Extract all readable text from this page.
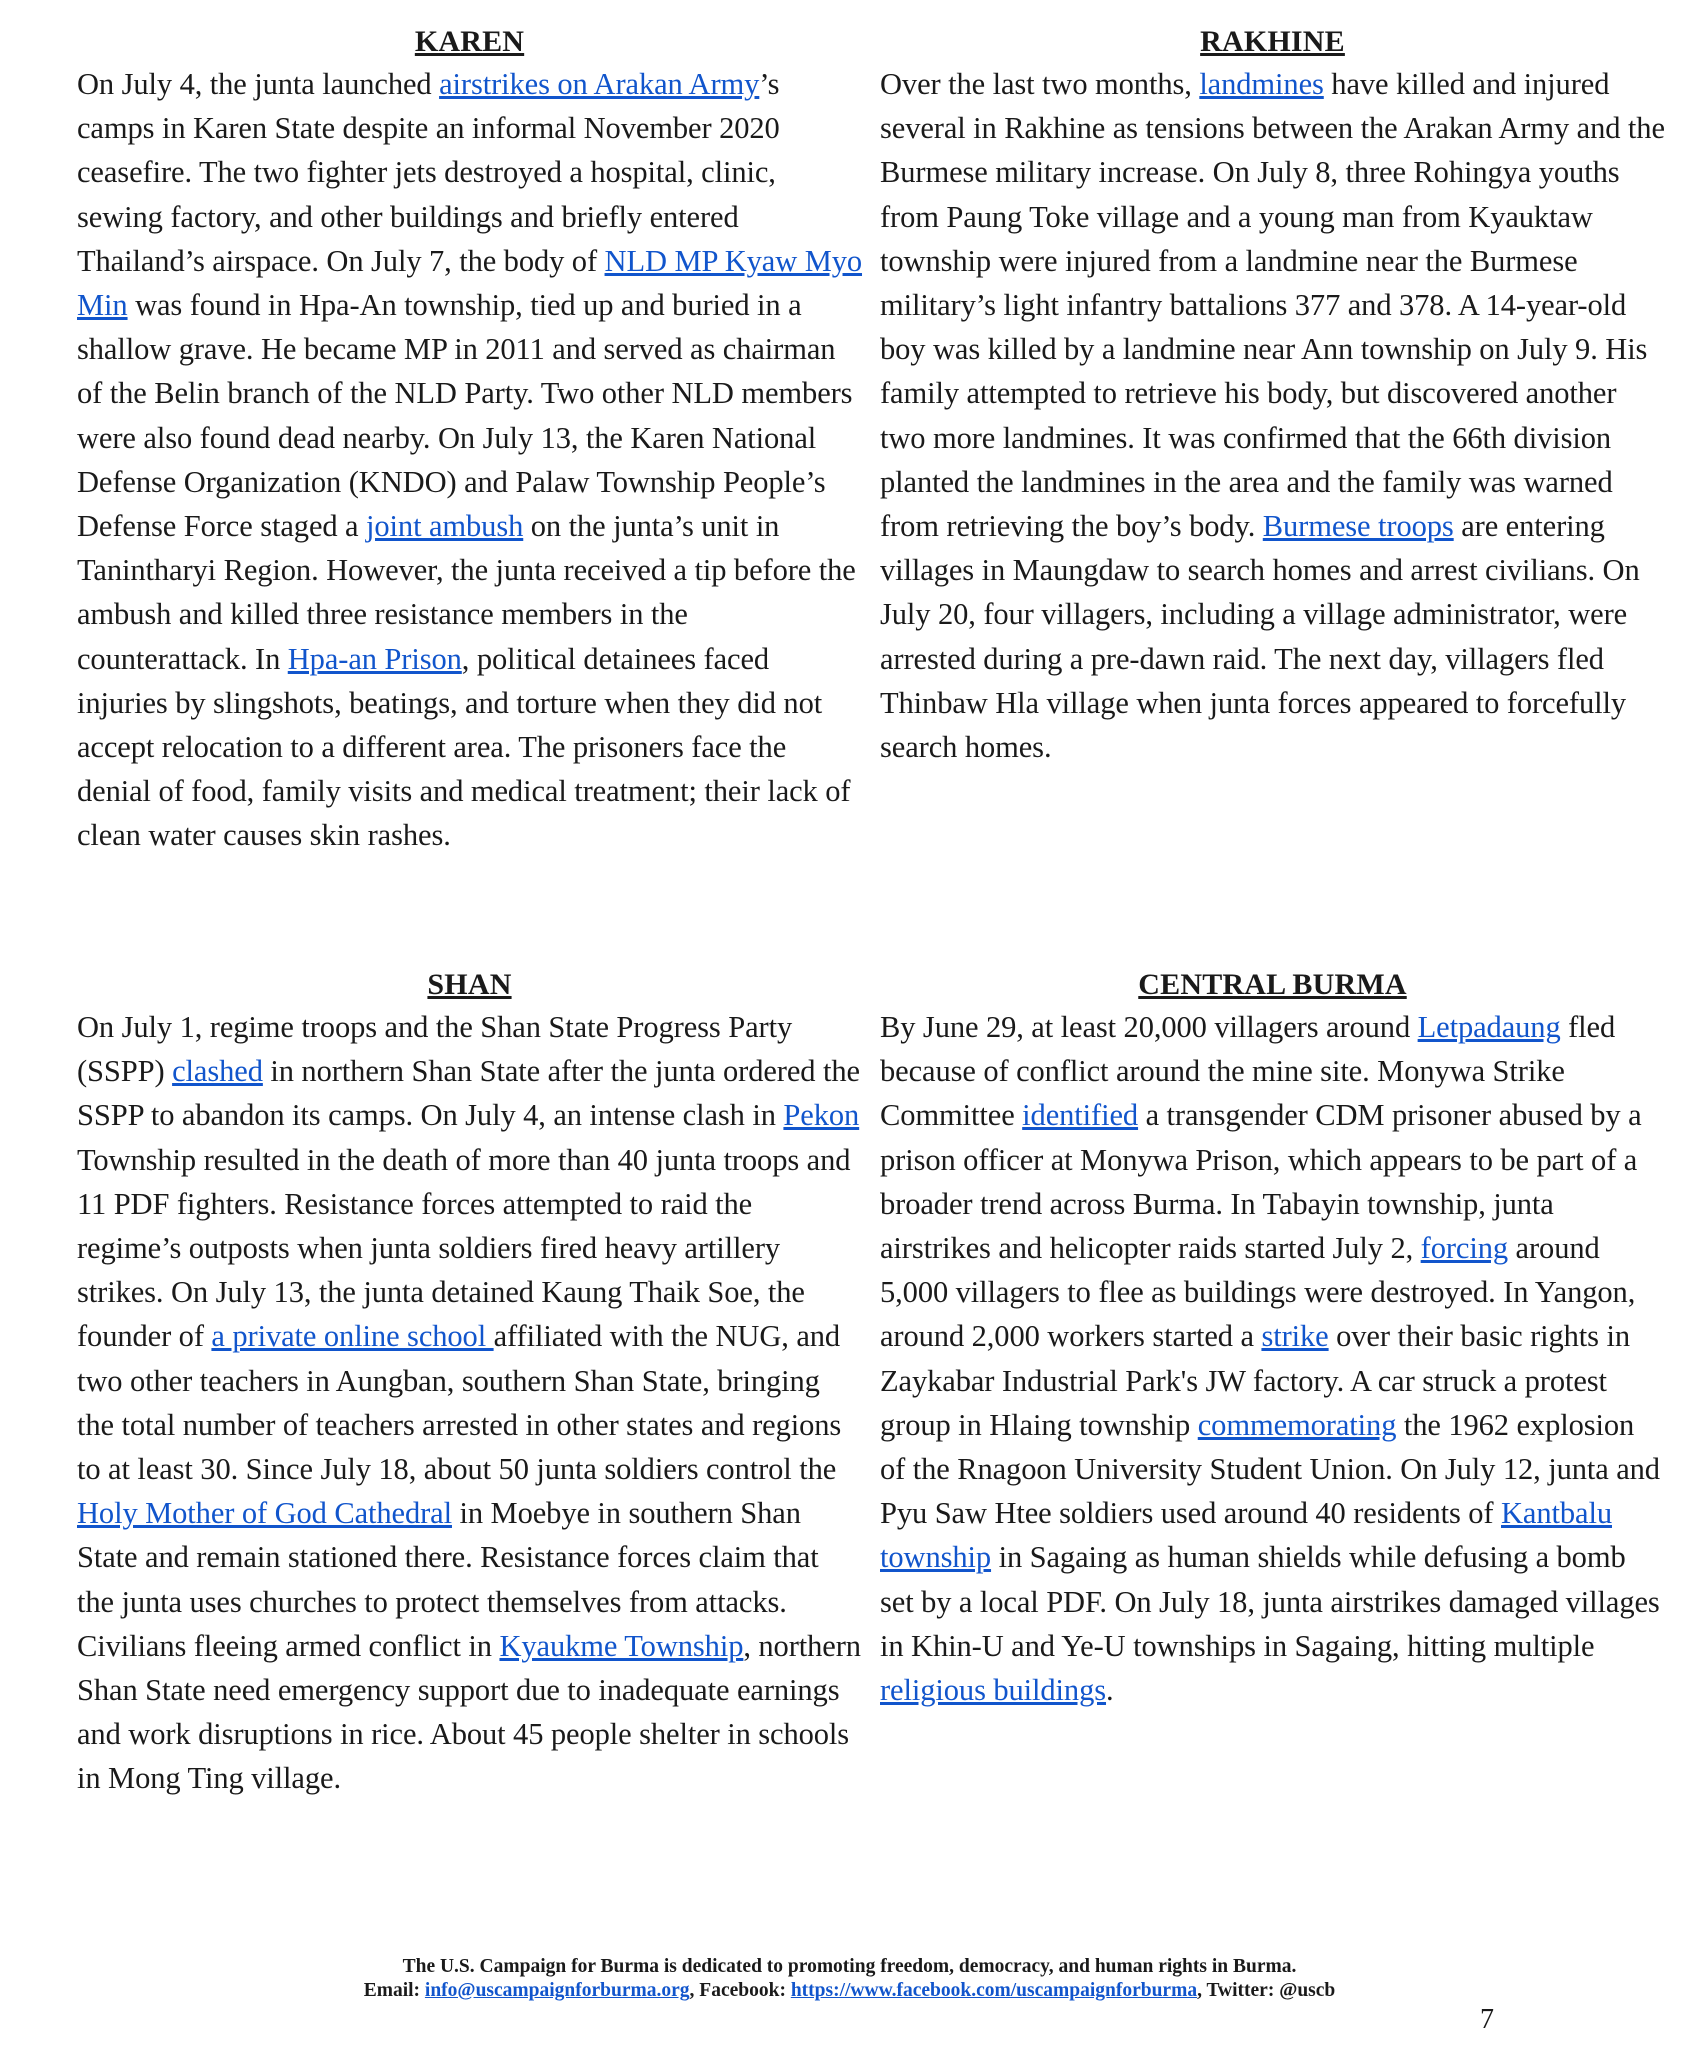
KAREN

On July 4, the junta launched airstrikes on Arakan Army’s camps in Karen State despite an informal November 2020 ceasefire. The two fighter jets destroyed a hospital, clinic, sewing factory, and other buildings and briefly entered Thailand’s airspace. On July 7, the body of NLD MP Kyaw Myo Min was found in Hpa-An township, tied up and buried in a shallow grave. He became MP in 2011 and served as chairman of the Belin branch of the NLD Party. Two other NLD members were also found dead nearby. On July 13, the Karen National Defense Organization (KNDO) and Palaw Township People’s Defense Force staged a joint ambush on the junta’s unit in Tanintharyi Region. However, the junta received a tip before the ambush and killed three resistance members in the counterattack. In Hpa-an Prison, political detainees faced injuries by slingshots, beatings, and torture when they did not accept relocation to a different area. The prisoners face the denial of food, family visits and medical treatment; their lack of clean water causes skin rashes.

RAKHINE

Over the last two months, landmines have killed and injured several in Rakhine as tensions between the Arakan Army and the Burmese military increase. On July 8, three Rohingya youths from Paung Toke village and a young man from Kyauktaw township were injured from a landmine near the Burmese military’s light infantry battalions 377 and 378. A 14-year-old boy was killed by a landmine near Ann township on July 9. His family attempted to retrieve his body, but discovered another two more landmines. It was confirmed that the 66th division planted the landmines in the area and the family was warned from retrieving the boy’s body. Burmese troops are entering villages in Maungdaw to search homes and arrest civilians. On July 20, four villagers, including a village administrator, were arrested during a pre-dawn raid. The next day, villagers fled Thinbaw Hla village when junta forces appeared to forcefully search homes.

SHAN

On July 1, regime troops and the Shan State Progress Party (SSPP) clashed in northern Shan State after the junta ordered the SSPP to abandon its camps. On July 4, an intense clash in Pekon Township resulted in the death of more than 40 junta troops and 11 PDF fighters. Resistance forces attempted to raid the regime’s outposts when junta soldiers fired heavy artillery strikes. On July 13, the junta detained Kaung Thaik Soe, the founder of a private online school affiliated with the NUG, and two other teachers in Aungban, southern Shan State, bringing the total number of teachers arrested in other states and regions to at least 30. Since July 18, about 50 junta soldiers control the Holy Mother of God Cathedral in Moebye in southern Shan State and remain stationed there. Resistance forces claim that the junta uses churches to protect themselves from attacks. Civilians fleeing armed conflict in Kyaukme Township, northern Shan State need emergency support due to inadequate earnings and work disruptions in rice. About 45 people shelter in schools in Mong Ting village.

CENTRAL BURMA

By June 29, at least 20,000 villagers around Letpadaung fled because of conflict around the mine site. Monywa Strike Committee identified a transgender CDM prisoner abused by a prison officer at Monywa Prison, which appears to be part of a broader trend across Burma. In Tabayin township, junta airstrikes and helicopter raids started July 2, forcing around 5,000 villagers to flee as buildings were destroyed. In Yangon, around 2,000 workers started a strike over their basic rights in Zaykabar Industrial Park's JW factory. A car struck a protest group in Hlaing township commemorating the 1962 explosion of the Rnagoon University Student Union. On July 12, junta and Pyu Saw Htee soldiers used around 40 residents of Kantbalu township in Sagaing as human shields while defusing a bomb set by a local PDF. On July 18, junta airstrikes damaged villages in Khin-U and Ye-U townships in Sagaing, hitting multiple religious buildings.

The U.S. Campaign for Burma is dedicated to promoting freedom, democracy, and human rights in Burma.
Email: info@uscampaignforburma.org, Facebook: https://www.facebook.com/uscampaignforburma, Twitter: @uscb
7
